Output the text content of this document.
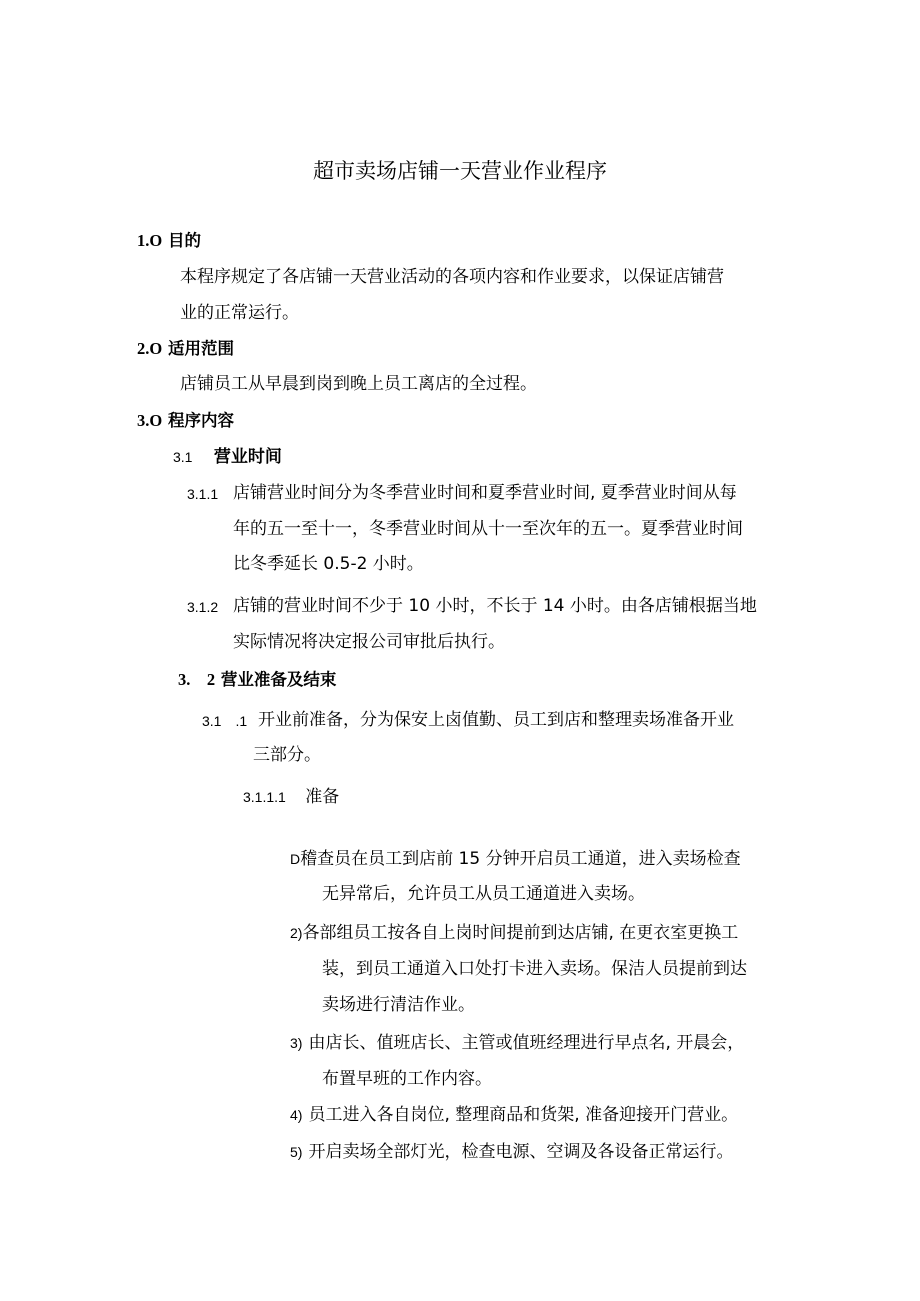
超市卖场店铺一天营业作业程序
1.O 目的
本程序规定了各店铺一天营业活动的各项内容和作业要求，以保证店铺营
业的正常运行。
2.O 适用范围
店铺员工从早晨到岗到晚上员工离店的全过程。
3.O 程序内容
3.1 营业时间
3.1.1 店铺营业时间分为冬季营业时间和夏季营业时间, 夏季营业时间从每
年的五一至十一，冬季营业时间从十一至次年的五一。夏季营业时间
比冬季延长 0.5-2 小时。
3.1.2 店铺的营业时间不少于 10 小时，不长于 14 小时。由各店铺根据当地
实际情况将决定报公司审批后执行。
3.　2 营业准备及结束
3.1　.1 开业前准备，分为保安上卤值勤、员工到店和整理卖场准备开业
三部分。
3.1.1.1 准备
D稽查员在员工到店前 15 分钟开启员工通道，进入卖场检查
无异常后，允许员工从员工通道进入卖场。
2)各部组员工按各自上岗时间提前到达店铺, 在更衣室更换工
装，到员工通道入口处打卡进入卖场。保洁人员提前到达
卖场进行清洁作业。
3) 由店长、值班店长、主管或值班经理进行早点名, 开晨会，
布置早班的工作内容。
4) 员工进入各自岗位, 整理商品和货架, 准备迎接开门营业。
5) 开启卖场全部灯光，检查电源、空调及各设备正常运行。
